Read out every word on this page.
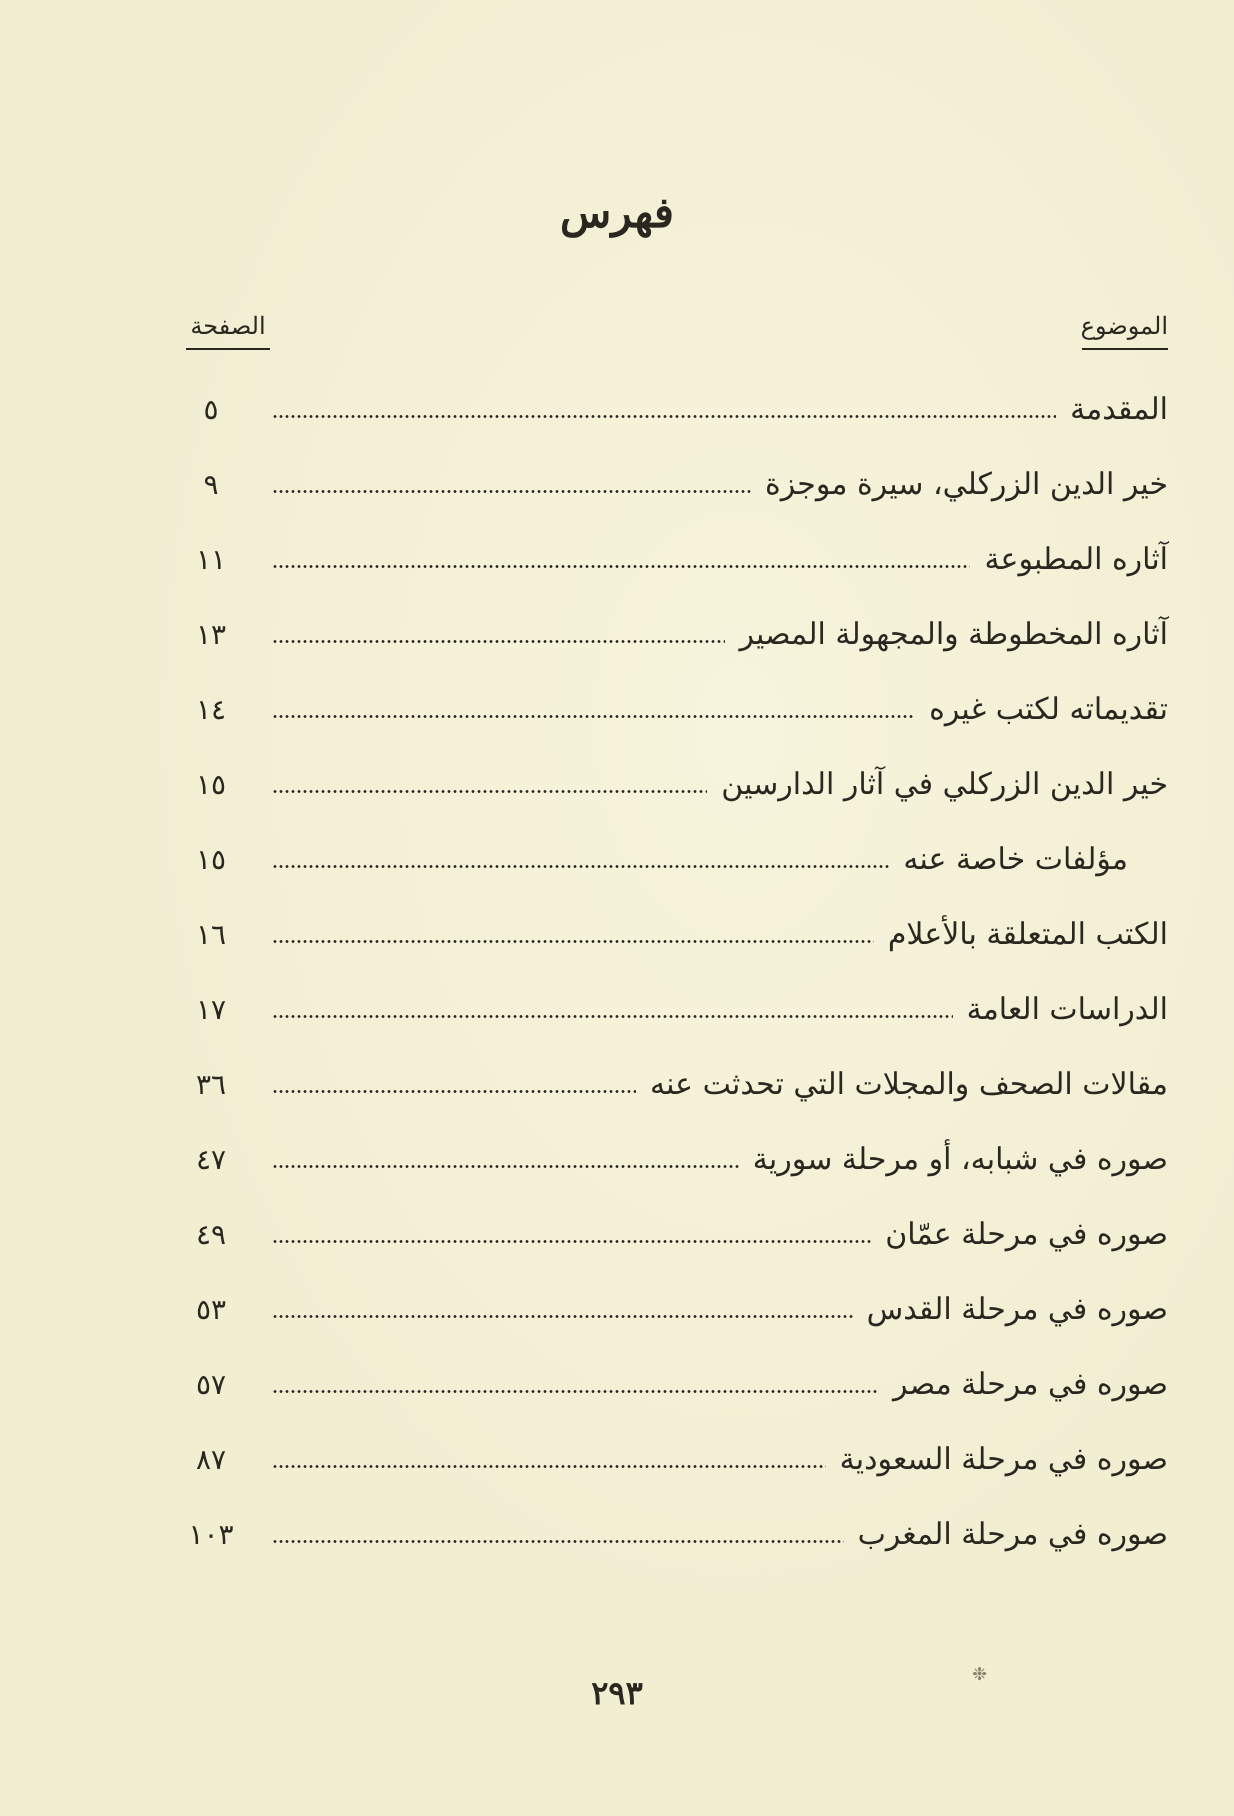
فهرس
الموضوع
الصفحة
المقدمة
٥
خير الدين الزركلي، سيرة موجزة
٩
آثاره المطبوعة
١١
آثاره المخطوطة والمجهولة المصير
١٣
تقديماته لكتب غيره
١٤
خير الدين الزركلي في آثار الدارسين
١٥
مؤلفات خاصة عنه
١٥
الكتب المتعلقة بالأعلام
١٦
الدراسات العامة
١٧
مقالات الصحف والمجلات التي تحدثت عنه
٣٦
صوره في شبابه، أو مرحلة سورية
٤٧
صوره في مرحلة عمّان
٤٩
صوره في مرحلة القدس
٥٣
صوره في مرحلة مصر
٥٧
صوره في مرحلة السعودية
٨٧
صوره في مرحلة المغرب
١٠٣
٢٩٣	❉
